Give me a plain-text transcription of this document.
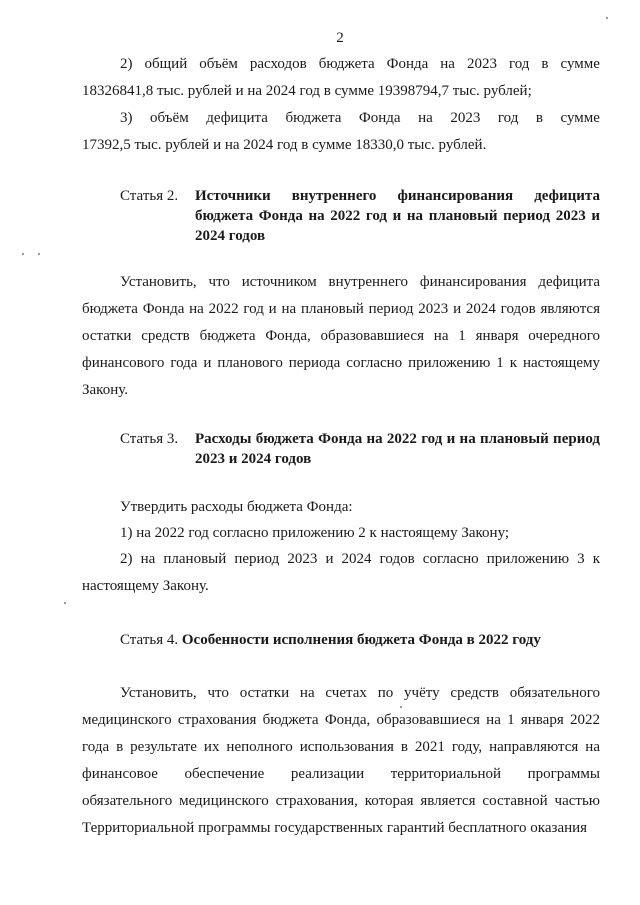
2
2) общий объём расходов бюджета Фонда на 2023 год в сумме
18326841,8 тыс. рублей и на 2024 год в сумме 19398794,7 тыс. рублей;
3) объём дефицита бюджета Фонда на 2023 год в сумме
17392,5 тыс. рублей и на 2024 год в сумме 18330,0 тыс. рублей.
Статья 2. Источники внутреннего финансирования дефицита бюджета Фонда на 2022 год и на плановый период 2023 и 2024 годов
Установить, что источником внутреннего финансирования дефицита бюджета Фонда на 2022 год и на плановый период 2023 и 2024 годов являются остатки средств бюджета Фонда, образовавшиеся на 1 января очередного финансового года и планового периода согласно приложению 1 к настоящему Закону.
Статья 3. Расходы бюджета Фонда на 2022 год и на плановый период 2023 и 2024 годов
Утвердить расходы бюджета Фонда:
1) на 2022 год согласно приложению 2 к настоящему Закону;
2) на плановый период 2023 и 2024 годов согласно приложению 3 к настоящему Закону.
Статья 4. Особенности исполнения бюджета Фонда в 2022 году
Установить, что остатки на счетах по учёту средств обязательного медицинского страхования бюджета Фонда, образовавшиеся на 1 января 2022 года в результате их неполного использования в 2021 году, направляются на финансовое обеспечение реализации территориальной программы обязательного медицинского страхования, которая является составной частью Территориальной программы государственных гарантий бесплатного оказания
